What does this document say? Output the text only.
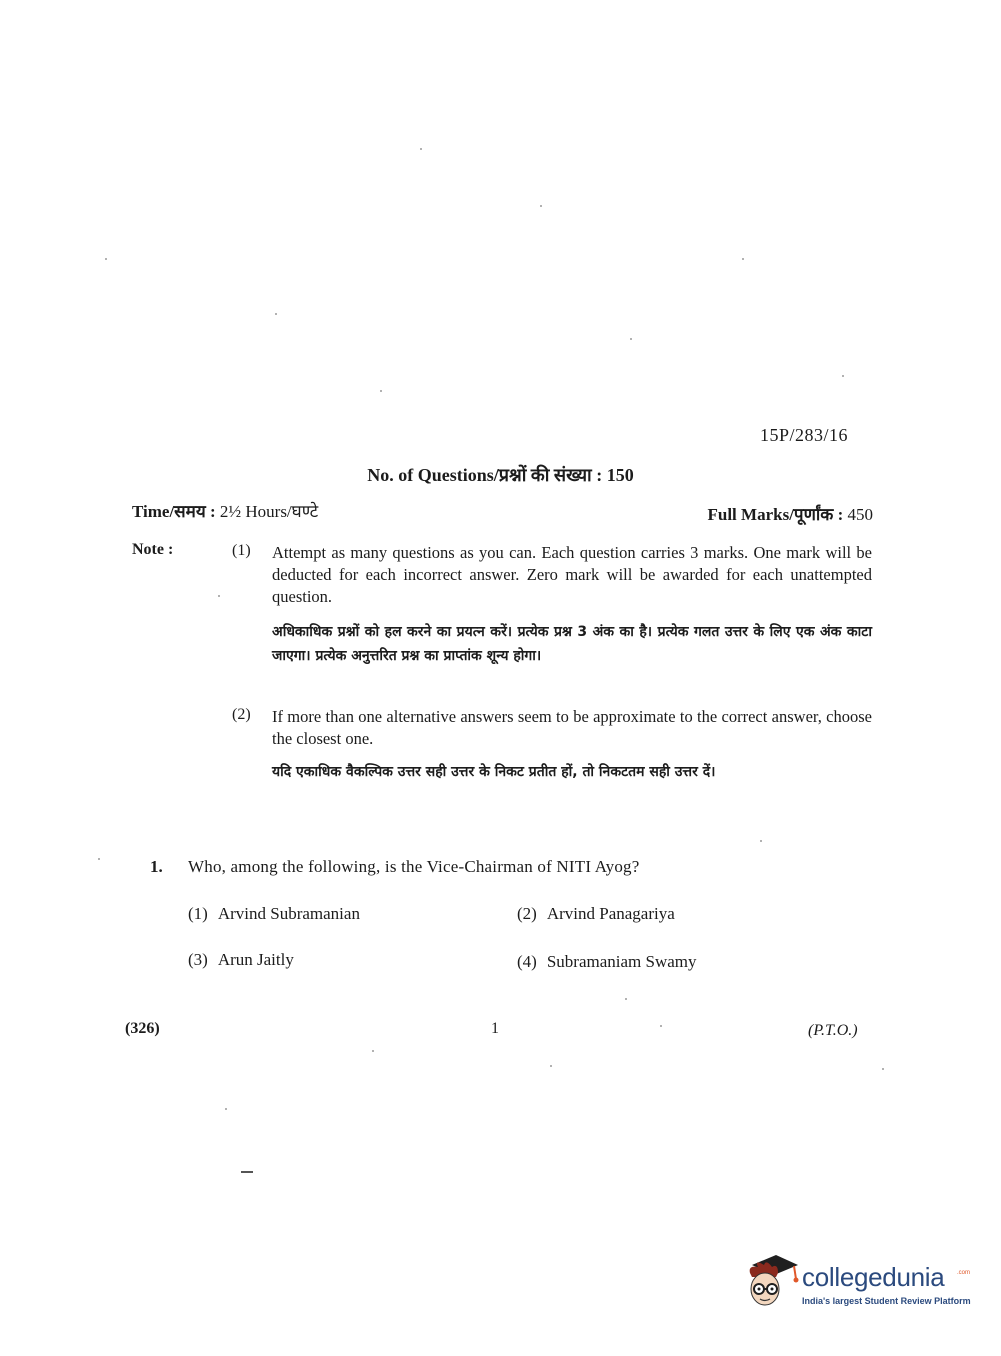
15P/283/16
No. of Questions/प्रश्नों की संख्या : 150
Time/समय : 2½ Hours/घण्टे	Full Marks/पूर्णांक : 450
Note :	(1) Attempt as many questions as you can. Each question carries 3 marks. One mark will be deducted for each incorrect answer. Zero mark will be awarded for each unattempted question.
अधिकाधिक प्रश्नों को हल करने का प्रयत्न करें। प्रत्येक प्रश्न 3 अंक का है। प्रत्येक गलत उत्तर के लिए एक अंक काटा जाएगा। प्रत्येक अनुत्तरित प्रश्न का प्राप्तांक शून्य होगा।
(2) If more than one alternative answers seem to be approximate to the correct answer, choose the closest one.
यदि एकाधिक वैकल्पिक उत्तर सही उत्तर के निकट प्रतीत हों, तो निकटतम सही उत्तर दें।
1. Who, among the following, is the Vice-Chairman of NITI Ayog?
(1) Arvind Subramanian	(2) Arvind Panagariya
(3) Arun Jaitly	(4) Subramaniam Swamy
(326)	1	(P.T.O.)
collegedunia .com
India's largest Student Review Platform
